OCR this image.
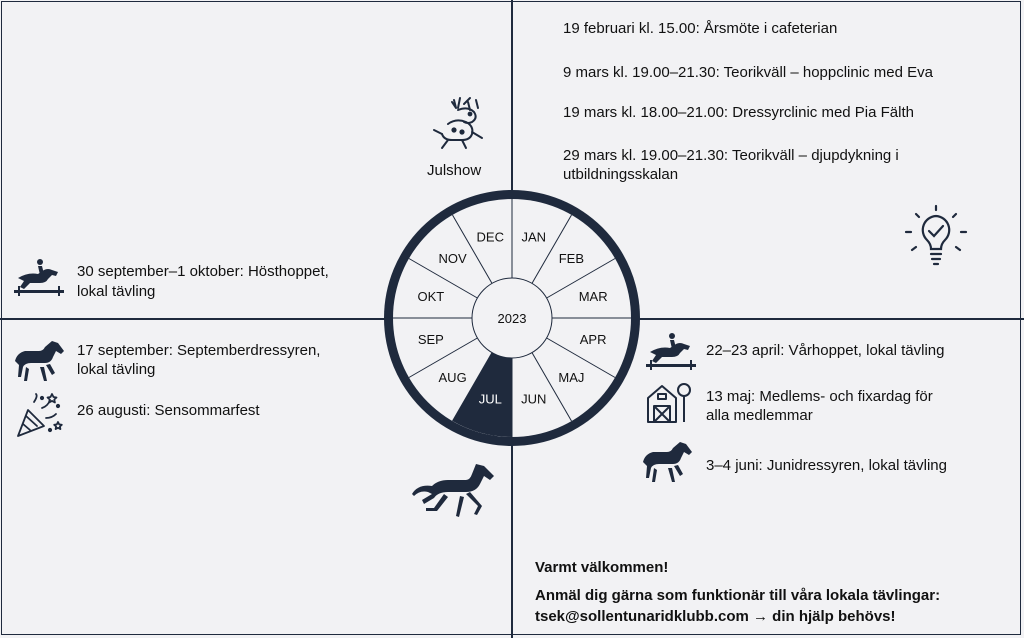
19 februari kl. 15.00: Årsmöte i cafeterian
9 mars kl. 19.00–21.30: Teorikväll – hoppclinic med Eva
19 mars kl. 18.00–21.00: Dressyrclinic med Pia Fälth
29 mars kl. 19.00–21.30: Teorikväll – djupdykning i
utbildningsskalan
Julshow
JAN
FEB
MAR
APR
MAJ
JUN
JUL
AUG
SEP
OKT
NOV
DEC
2023
22–23 april: Vårhoppet, lokal tävling
13 maj: Medlems- och fixardag för
alla medlemmar
3–4 juni: Junidressyren, lokal tävling
30 september–1 oktober: Hösthoppet,
lokal tävling
17 september: Septemberdressyren,
lokal tävling
26 augusti: Sensommarfest
Varmt välkommen!
Anmäl dig gärna som funktionär till våra lokala tävlingar:
tsek@sollentunaridklubb.com → din hjälp behövs!
